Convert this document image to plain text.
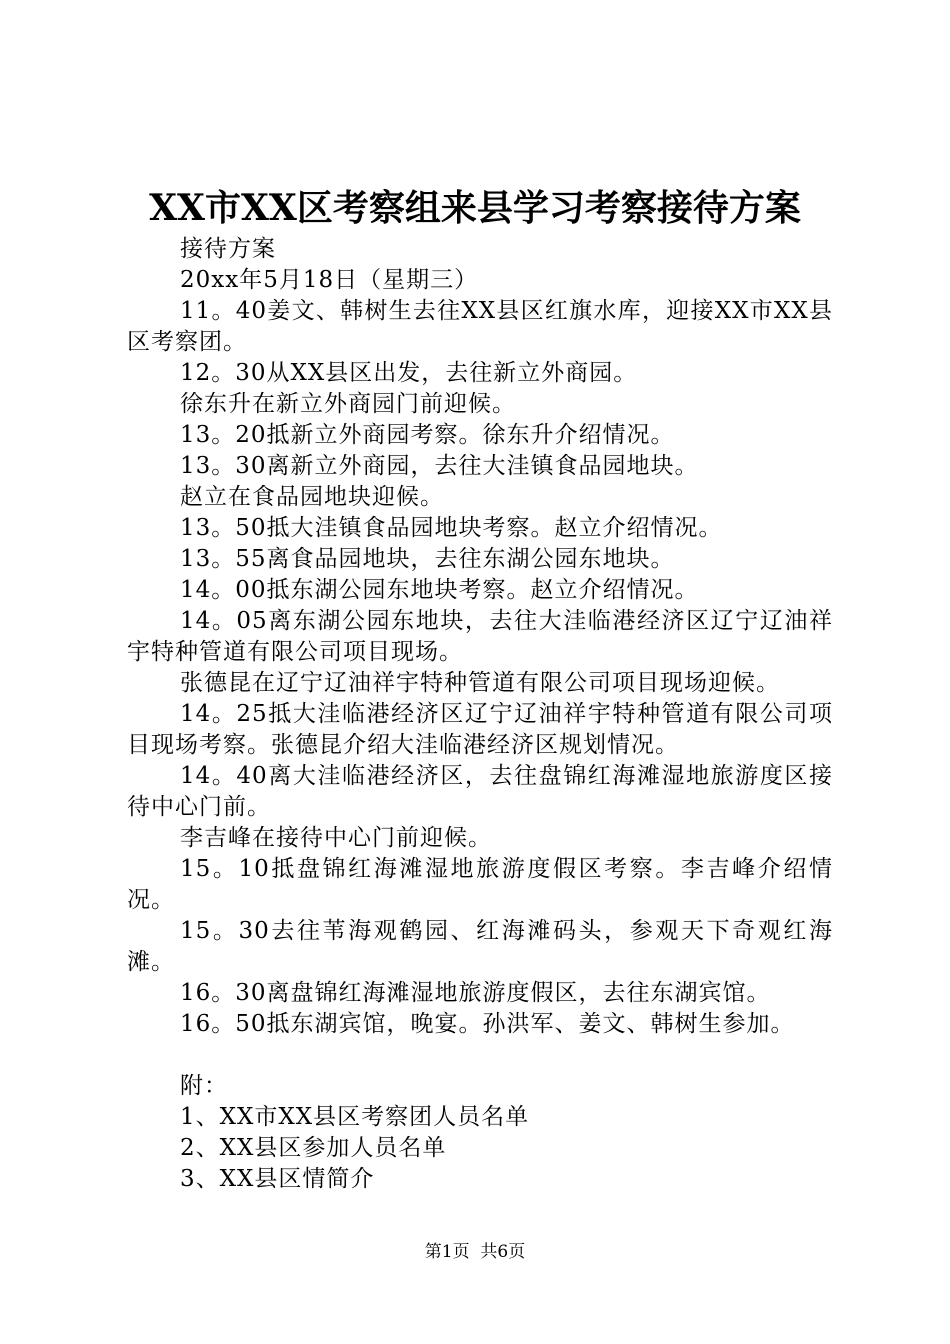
XX市XX区考察组来县学习考察接待方案

接待方案

20xx年5月18日（星期三）

11。40姜文、韩树生去往XX县区红旗水库，迎接XX市XX县区考察团。

12。30从XX县区出发，去往新立外商园。

徐东升在新立外商园门前迎候。

13。20抵新立外商园考察。徐东升介绍情况。

13。30离新立外商园，去往大洼镇食品园地块。

赵立在食品园地块迎候。

13。50抵大洼镇食品园地块考察。赵立介绍情况。

13。55离食品园地块，去往东湖公园东地块。

14。00抵东湖公园东地块考察。赵立介绍情况。

14。05离东湖公园东地块，去往大洼临港经济区辽宁辽油祥宇特种管道有限公司项目现场。

张德昆在辽宁辽油祥宇特种管道有限公司项目现场迎候。

14。25抵大洼临港经济区辽宁辽油祥宇特种管道有限公司项目现场考察。张德昆介绍大洼临港经济区规划情况。

14。40离大洼临港经济区，去往盘锦红海滩湿地旅游度区接待中心门前。

李吉峰在接待中心门前迎候。

15。10抵盘锦红海滩湿地旅游度假区考察。李吉峰介绍情况。

15。30去往苇海观鹤园、红海滩码头，参观天下奇观红海滩。

16。30离盘锦红海滩湿地旅游度假区，去往东湖宾馆。

16。50抵东湖宾馆，晚宴。孙洪军、姜文、韩树生参加。

附：

1、XX市XX县区考察团人员名单

2、XX县区参加人员名单

3、XX县区情简介

第1页  共6页
